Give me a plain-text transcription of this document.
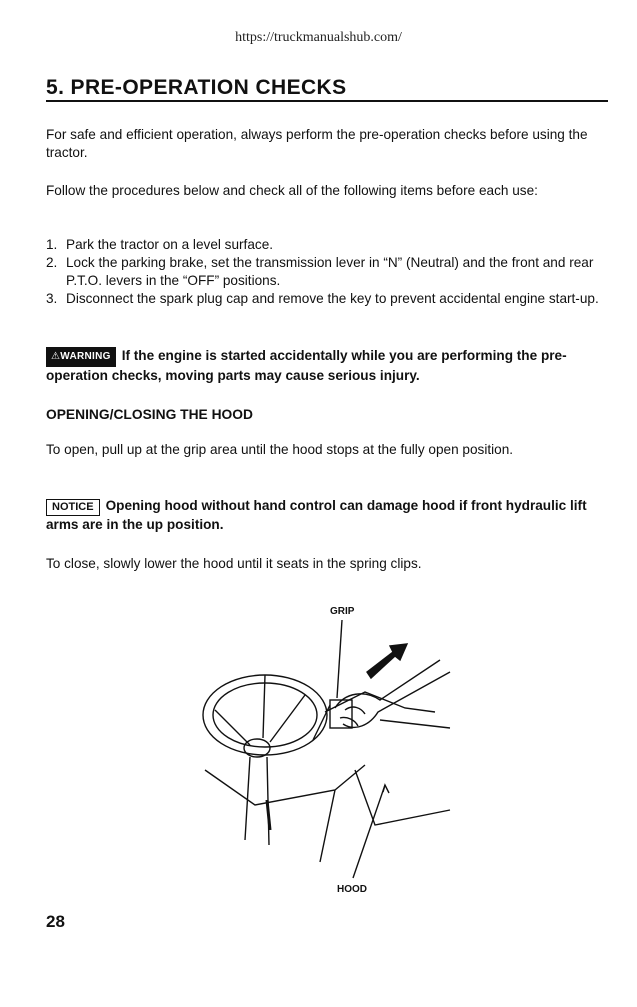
https://truckmanualshub.com/
5. PRE-OPERATION CHECKS
For safe and efficient operation, always perform the pre-operation checks before using the tractor.
Follow the procedures below and check all of the following items before each use:
1. Park the tractor on a level surface.
2. Lock the parking brake, set the transmission lever in “N” (Neutral) and the front and rear P.T.O. levers in the “OFF” positions.
3. Disconnect the spark plug cap and remove the key to prevent accidental engine start-up.
⚠WARNING If the engine is started accidentally while you are performing the pre-operation checks, moving parts may cause serious injury.
OPENING/CLOSING THE HOOD
To open, pull up at the grip area until the hood stops at the fully open position.
NOTICE Opening hood without hand control can damage hood if front hydraulic lift arms are in the up position.
To close, slowly lower the hood until it seats in the spring clips.
GRIP
HOOD
28
